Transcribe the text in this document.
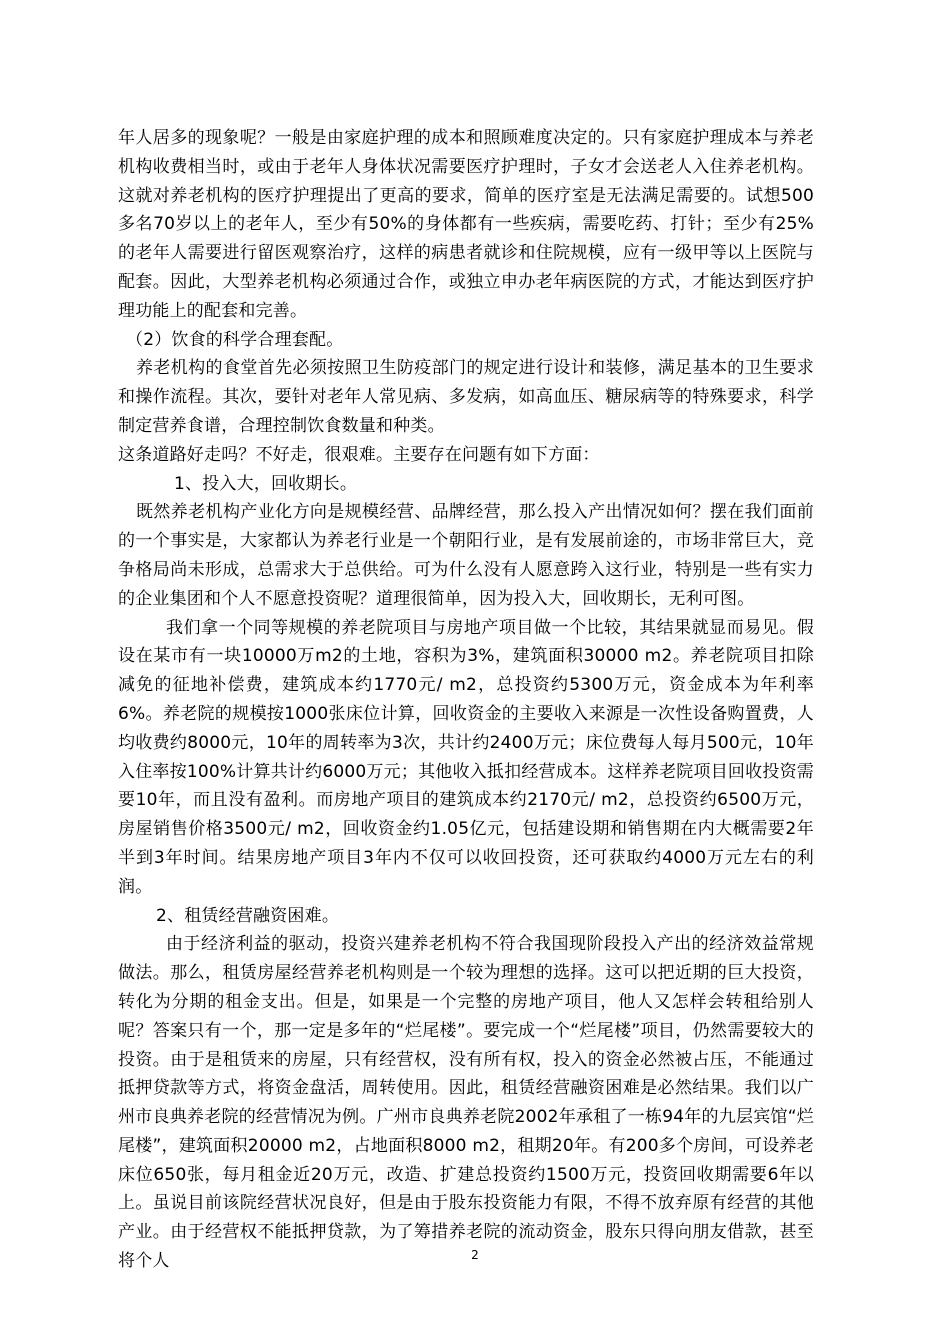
年人居多的现象呢？一般是由家庭护理的成本和照顾难度决定的。只有家庭护理成本与养老机构收费相当时，或由于老年人身体状况需要医疗护理时，子女才会送老人入住养老机构。这就对养老机构的医疗护理提出了更高的要求，简单的医疗室是无法满足需要的。试想500多名70岁以上的老年人，至少有50%的身体都有一些疾病，需要吃药、打针；至少有25%的老年人需要进行留医观察治疗，这样的病患者就诊和住院规模，应有一级甲等以上医院与配套。因此，大型养老机构必须通过合作，或独立申办老年病医院的方式，才能达到医疗护理功能上的配套和完善。

（2）饮食的科学合理套配。

养老机构的食堂首先必须按照卫生防疫部门的规定进行设计和装修，满足基本的卫生要求和操作流程。其次，要针对老年人常见病、多发病，如高血压、糖尿病等的特殊要求，科学制定营养食谱，合理控制饮食数量和种类。

这条道路好走吗？不好走，很艰难。主要存在问题有如下方面：

1、投入大，回收期长。

既然养老机构产业化方向是规模经营、品牌经营，那么投入产出情况如何？摆在我们面前的一个事实是，大家都认为养老行业是一个朝阳行业，是有发展前途的，市场非常巨大，竞争格局尚未形成，总需求大于总供给。可为什么没有人愿意跨入这行业，特别是一些有实力的企业集团和个人不愿意投资呢？道理很简单，因为投入大，回收期长，无利可图。

我们拿一个同等规模的养老院项目与房地产项目做一个比较，其结果就显而易见。假设在某市有一块10000万m2的土地，容积为3%，建筑面积30000 m2。养老院项目扣除减免的征地补偿费，建筑成本约1770元/ m2，总投资约5300万元，资金成本为年利率6%。养老院的规模按1000张床位计算，回收资金的主要收入来源是一次性设备购置费，人均收费约8000元，10年的周转率为3次，共计约2400万元；床位费每人每月500元，10年入住率按100%计算共计约6000万元；其他收入抵扣经营成本。这样养老院项目回收投资需要10年，而且没有盈利。而房地产项目的建筑成本约2170元/ m2，总投资约6500万元，房屋销售价格3500元/ m2，回收资金约1.05亿元，包括建设期和销售期在内大概需要2年半到3年时间。结果房地产项目3年内不仅可以收回投资，还可获取约4000万元左右的利润。

2、租赁经营融资困难。

由于经济利益的驱动，投资兴建养老机构不符合我国现阶段投入产出的经济效益常规做法。那么，租赁房屋经营养老机构则是一个较为理想的选择。这可以把近期的巨大投资，转化为分期的租金支出。但是，如果是一个完整的房地产项目，他人又怎样会转租给别人呢？答案只有一个，那一定是多年的“烂尾楼”。要完成一个“烂尾楼”项目，仍然需要较大的投资。由于是租赁来的房屋，只有经营权，没有所有权，投入的资金必然被占压，不能通过抵押贷款等方式，将资金盘活，周转使用。因此，租赁经营融资困难是必然结果。我们以广州市良典养老院的经营情况为例。广州市良典养老院2002年承租了一栋94年的九层宾馆“烂尾楼”，建筑面积20000 m2，占地面积8000 m2，租期20年。有200多个房间，可设养老床位650张，每月租金近20万元，改造、扩建总投资约1500万元，投资回收期需要6年以上。虽说目前该院经营状况良好，但是由于股东投资能力有限，不得不放弃原有经营的其他产业。由于经营权不能抵押贷款，为了筹措养老院的流动资金，股东只得向朋友借款，甚至将个人	2
